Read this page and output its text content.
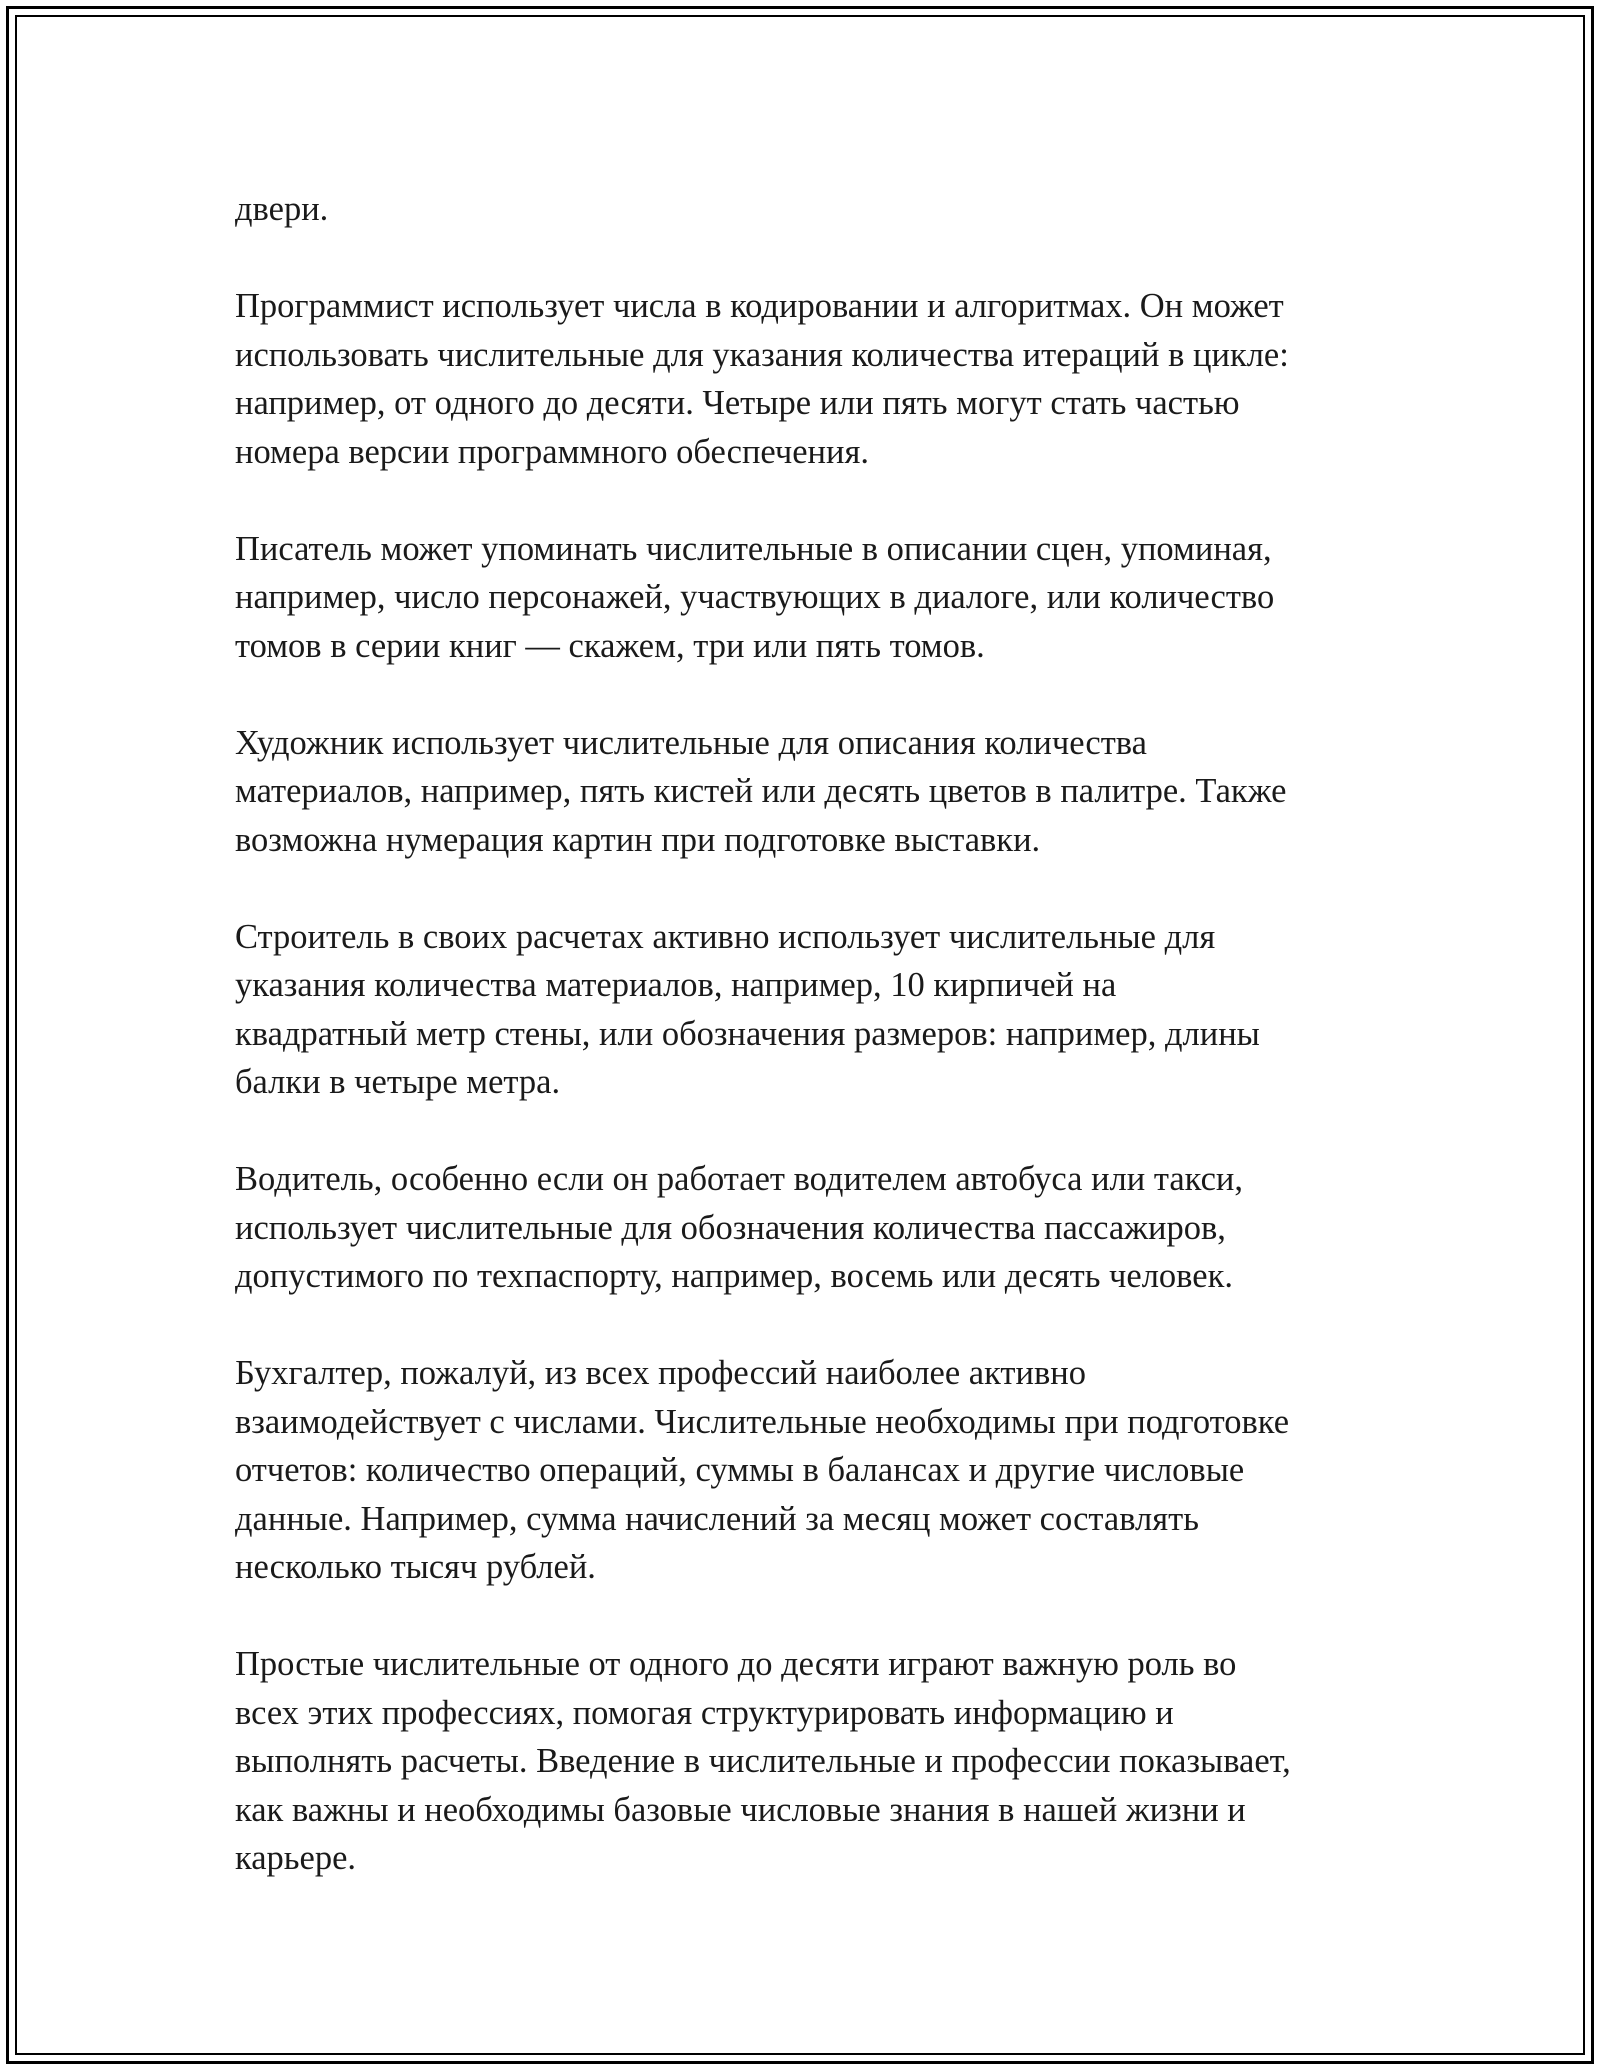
двери.

Программист использует числа в кодировании и алгоритмах. Он может
использовать числительные для указания количества итераций в цикле:
например, от одного до десяти. Четыре или пять могут стать частью
номера версии программного обеспечения.

Писатель может упоминать числительные в описании сцен, упоминая,
например, число персонажей, участвующих в диалоге, или количество
томов в серии книг — скажем, три или пять томов.

Художник использует числительные для описания количества
материалов, например, пять кистей или десять цветов в палитре. Также
возможна нумерация картин при подготовке выставки.

Строитель в своих расчетах активно использует числительные для
указания количества материалов, например, 10 кирпичей на
квадратный метр стены, или обозначения размеров: например, длины
балки в четыре метра.

Водитель, особенно если он работает водителем автобуса или такси,
использует числительные для обозначения количества пассажиров,
допустимого по техпаспорту, например, восемь или десять человек.

Бухгалтер, пожалуй, из всех профессий наиболее активно
взаимодействует с числами. Числительные необходимы при подготовке
отчетов: количество операций, суммы в балансах и другие числовые
данные. Например, сумма начислений за месяц может составлять
несколько тысяч рублей.

Простые числительные от одного до десяти играют важную роль во
всех этих профессиях, помогая структурировать информацию и
выполнять расчеты. Введение в числительные и профессии показывает,
как важны и необходимы базовые числовые знания в нашей жизни и
карьере.
